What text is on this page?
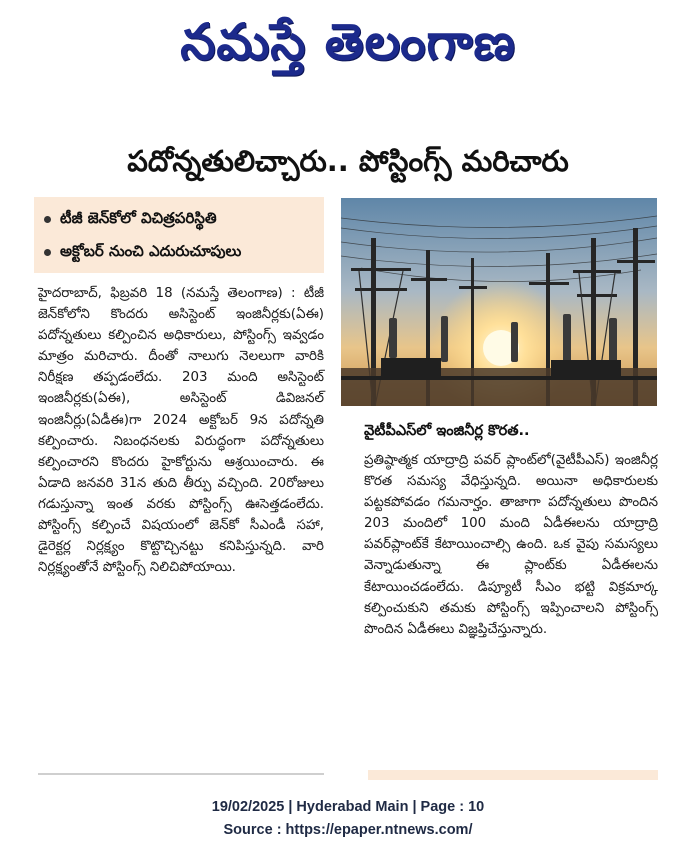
నమస్తే తెలంగాణ
పదోన్నతులిచ్చారు.. పోస్టింగ్స్ మరిచారు
టీజీ జెన్‌కోలో విచిత్రపరిస్థితి
అక్టోబర్ నుంచి ఎదురుచూపులు

హైదరాబాద్, ఫిబ్రవరి 18 (నమస్తే తెలంగాణ) : టీజీ జెన్‌కోలోని కొందరు అసిస్టెంట్ ఇంజినీర్లకు(ఏఈ) పదోన్నతులు కల్పించిన అధికారులు, పోస్టింగ్స్ ఇవ్వడం మాత్రం మరిచారు. దీంతో నాలుగు నెలలుగా వారికి నిరీక్షణ తప్పడంలేదు. 203 మంది అసిస్టెంట్ ఇంజినీర్లకు(ఏఈ), అసిస్టెంట్ డివిజనల్ ఇంజినీర్లు(ఏడీఈ)గా 2024 అక్టోబర్ 9న పదోన్నతి కల్పించారు. నిబంధనలకు విరుద్ధంగా పదోన్నతులు కల్పించారని కొందరు హైకోర్టును ఆశ్రయించారు. ఈ ఏడాది జనవరి 31న తుది తీర్పు వచ్చింది. 20రోజులు గడుస్తున్నా ఇంత వరకు పోస్టింగ్స్ ఊసెత్తడంలేదు. పోస్టింగ్స్ కల్పించే విషయంలో జెన్‌కో సీఎండీ సహా, డైరెక్టర్ల నిర్లక్ష్యం కొట్టొచ్చినట్టు కనిపిస్తున్నది. వారి నిర్లక్ష్యంతోనే పోస్టింగ్స్ నిలిచిపోయాయి.

వైటీపీఎస్‌లో ఇంజినీర్ల కొరత..

ప్రతిష్ఠాత్మక యాద్రాద్రి పవర్ ప్లాంట్‌లో(వైటీపీఎస్) ఇంజినీర్ల కొరత సమస్య వేధిస్తున్నది. అయినా అధికారులకు పట్టకపోవడం గమనార్హం. తాజాగా పదోన్నతులు పొందిన 203 మందిలో 100 మంది ఏడీఈలను యాద్రాద్రి పవర్‌ప్లాంట్‌కే కేటాయించాల్సి ఉంది. ఒక వైపు సమస్యలు వెన్నాడుతున్నా ఈ ప్లాంట్‌కు ఏడీఈలను కేటాయించడంలేదు. డిప్యూటీ సీఎం భట్టి విక్రమార్క కల్పించుకుని తమకు పోస్టింగ్స్ ఇప్పించాలని పోస్టింగ్స్ పొందిన ఏడీఈలు విజ్ఞప్తిచేస్తున్నారు.

19/02/2025 | Hyderabad Main | Page : 10
Source : https://epaper.ntnews.com/
